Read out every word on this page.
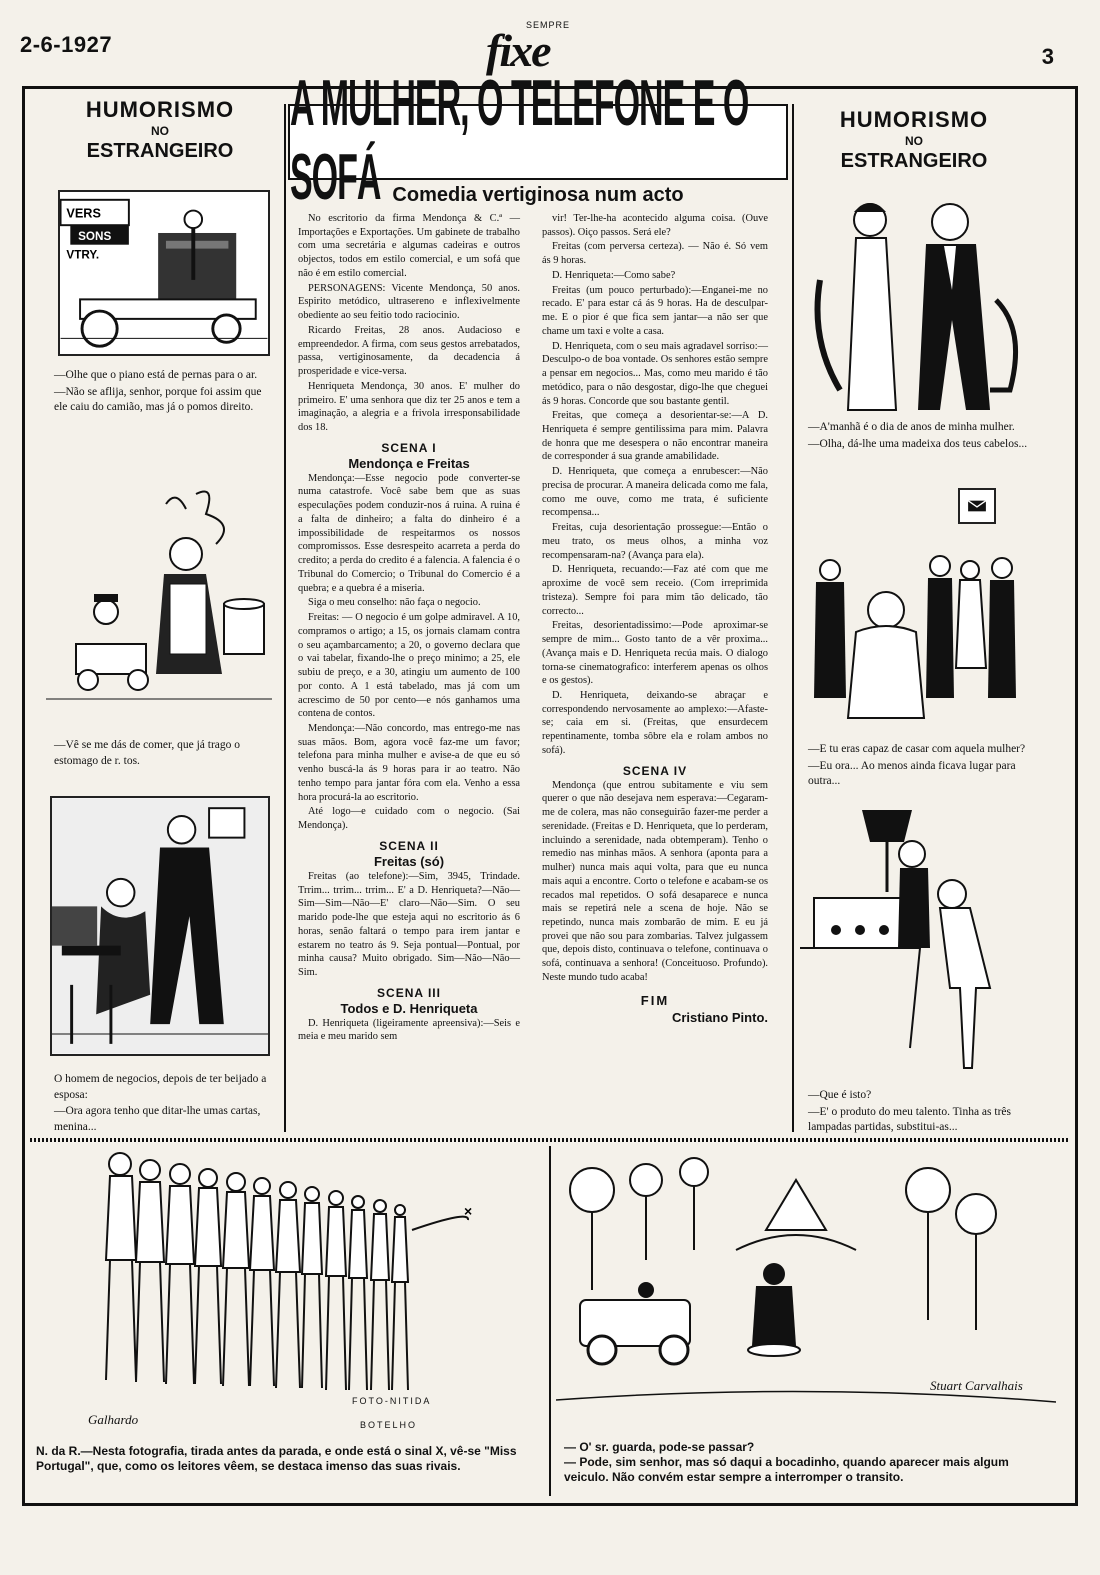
2-6-1927
SEMPRE
fixe	3
HUMORISMO
NO
ESTRANGEIRO
VERS
SONS
VTRY.

—Olhe que o piano está de pernas para o ar.

—Não se aflija, senhor, porque foi assim que ele caiu do camião, mas já o pomos direito.

—Vê se me dás de comer, que já trago o estomago de r. tos.

O homem de negocios, depois de ter beijado a esposa:

—Ora agora tenho que ditar-lhe umas cartas, menina...

A MULHER, O TELEFONE E O SOFÁ Comedia vertiginosa num acto

No escritorio da firma Mendonça & C.ª — Importações e Exportações. Um gabinete de trabalho com uma secretária e algumas cadeiras e outros objectos, todos em estilo comercial, e um sofá que não é em estilo comercial.

PERSONAGENS: Vicente Mendonça, 50 anos. Espirito metódico, ultrasereno e inflexivelmente obediente ao seu feitio todo raciocinio.

Ricardo Freitas, 28 anos. Audacioso e empreendedor. A firma, com seus gestos arrebatados, passa, vertiginosamente, da decadencia á prosperidade e vice-versa.

Henriqueta Mendonça, 30 anos. E' mulher do primeiro. E' uma senhora que diz ter 25 anos e tem a imaginação, a alegria e a frivola irresponsabilidade dos 18.

SCENA I

Mendonça e Freitas

Mendonça:—Esse negocio pode converter-se numa catastrofe. Você sabe bem que as suas especulações podem conduzir-nos á ruina. A ruina é a falta de dinheiro; a falta do dinheiro é a impossibilidade de respeitarmos os nossos compromissos. Esse desrespeito acarreta a perda do credito; a perda do credito é a falencia. A falencia é o Tribunal do Comercio; o Tribunal do Comercio é a quebra; e a quebra é a miseria.

Siga o meu conselho: não faça o negocio.

Freitas: — O negocio é um golpe admiravel. A 10, compramos o artigo; a 15, os jornais clamam contra o seu açambarcamento; a 20, o governo declara que o vai tabelar, fixando-lhe o preço minimo; a 25, ele subiu de preço, e a 30, atingiu um aumento de 100 por conto. A 1 está tabelado, mas já com um acrescimo de 50 por cento—e nós ganhamos uma contena de contos.

Mendonça:—Não concordo, mas entrego-me nas suas mãos. Bom, agora você faz-me um favor; telefona para minha mulher e avise-a de que eu só venho buscá-la ás 9 horas para ir ao teatro. Não tenho tempo para jantar fóra com ela. Venho a essa hora procurá-la ao escritorio.

Até logo—e cuidado com o negocio. (Sai Mendonça).

SCENA II

Freitas (só)

Freitas (ao telefone):—Sim, 3945, Trindade. Trrim... trrim... trrim... E' a D. Henriqueta?—Não—Sim—Sim—Não—E' claro—Não—Sim. O seu marido pode-lhe que esteja aqui no escritorio ás 6 horas, senão faltará o tempo para irem jantar e estarem no teatro ás 9. Seja pontual—Pontual, por minha causa? Muito obrigado. Sim—Não—Não—Sim.

SCENA III

Todos e D. Henriqueta

D. Henriqueta (ligeiramente apreensiva):—Seis e meia e meu marido sem

vir! Ter-lhe-ha acontecido alguma coisa. (Ouve passos). Oiço passos. Será ele?

Freitas (com perversa certeza). — Não é. Só vem ás 9 horas.

D. Henriqueta:—Como sabe?

Freitas (um pouco perturbado):—Enganei-me no recado. E' para estar cá ás 9 horas. Ha de desculpar-me. E o pior é que fica sem jantar—a não ser que chame um taxi e volte a casa.

D. Henriqueta, com o seu mais agradavel sorriso:—Desculpo-o de boa vontade. Os senhores estão sempre a pensar em negocios... Mas, como meu marido é tão metódico, para o não desgostar, digo-lhe que cheguei ás 9 horas. Concorde que sou bastante gentil.

Freitas, que começa a desorientar-se:—A D. Henriqueta é sempre gentilissima para mim. Palavra de honra que me desespera o não encontrar maneira de corresponder á sua grande amabilidade.

D. Henriqueta, que começa a enrubescer:—Não precisa de procurar. A maneira delicada como me fala, como me ouve, como me trata, é suficiente recompensa...

Freitas, cuja desorientação prossegue:—Então o meu trato, os meus olhos, a minha voz recompensaram-na? (Avança para ela).

D. Henriqueta, recuando:—Faz até com que me aproxime de você sem receio. (Com irreprimida tristeza). Sempre foi para mim tão delicado, tão correcto...

Freitas, desorientadissimo:—Pode aproximar-se sempre de mim... Gosto tanto de a vêr proxima... (Avança mais e D. Henriqueta recúa mais. O dialogo torna-se cinematografico: interferem apenas os olhos e os gestos).

D. Henriqueta, deixando-se abraçar e correspondendo nervosamente ao amplexo:—Afaste-se; caia em si. (Freitas, que ensurdecem repentinamente, tomba sôbre ela e rolam ambos no sofá).

SCENA IV

Mendonça (que entrou subitamente e viu sem querer o que não desejava nem esperava:—Cegaram-me de colera, mas não conseguirão fazer-me perder a serenidade. (Freitas e D. Henriqueta, que lo perderam, incluindo a serenidade, nada obtemperam). Tenho o remedio nas minhas mãos. A senhora (aponta para a mulher) nunca mais aqui volta, para que eu nunca mais aqui a encontre. Corto o telefone e acabam-se os recados mal repetidos. O sofá desaparece e nunca mais se repetirá nele a scena de hoje. Não se repetindo, nunca mais zombarão de mim. E eu já provei que não sou para zombarias. Talvez julgassem que, depois disto, continuava o telefone, continuava o sofá, continuava a senhora! (Conceituoso. Profundo). Neste mundo tudo acaba!

FIM

Cristiano Pinto.

HUMORISMO
NO
ESTRANGEIRO

—A'manhã é o dia de anos de minha mulher.

—Olha, dá-lhe uma madeixa dos teus cabelos...

—E tu eras capaz de casar com aquela mulher?

—Eu ora... Ao menos ainda ficava lugar para outra...

—Que é isto?

—E' o produto do meu talento. Tinha as três lampadas partidas, substitui-as...

×
FOTO-NITIDA
Galhardo	BOTELHO
N. da R.—Nesta fotografia, tirada antes da parada, e onde está o sinal X, vê-se "Miss Portugal", que, como os leitores vêem, se destaca imenso das suas rivais.
Stuart Carvalhais
— O' sr. guarda, pode-se passar?
— Pode, sim senhor, mas só daqui a bocadinho, quando aparecer mais algum veiculo. Não convém estar sempre a interromper o transito.
